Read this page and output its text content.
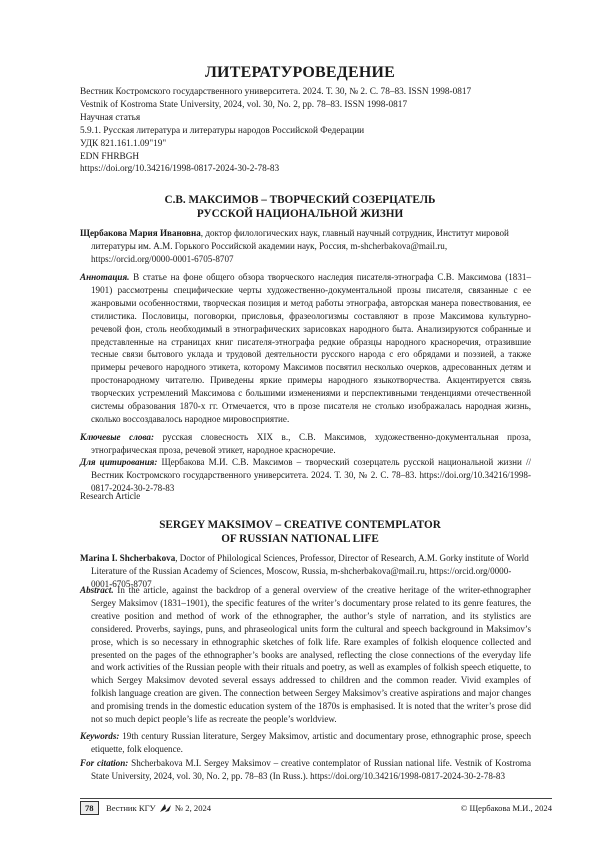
ЛИТЕРАТУРОВЕДЕНИЕ
Вестник Костромского государственного университета. 2024. Т. 30, № 2. С. 78–83. ISSN 1998-0817
Vestnik of Kostroma State University, 2024, vol. 30, No. 2, pp. 78–83. ISSN 1998-0817
Научная статья
5.9.1. Русская литература и литературы народов Российской Федерации
УДК 821.161.1.09"19"
EDN FHRBGH
https://doi.org/10.34216/1998-0817-2024-30-2-78-83
С.В. МАКСИМОВ – ТВОРЧЕСКИЙ СОЗЕРЦАТЕЛЬ
РУССКОЙ НАЦИОНАЛЬНОЙ ЖИЗНИ
Щербакова Мария Ивановна, доктор филологических наук, главный научный сотрудник, Институт мировой литературы им. А.М. Горького Российской академии наук, Россия, m-shcherbakova@mail.ru, https://orcid.org/0000-0001-6705-8707
Аннотация. В статье на фоне общего обзора творческого наследия писателя-этнографа С.В. Максимова (1831–1901) рассмотрены специфические черты художественно-документальной прозы писателя, связанные с ее жанровыми особенностями, творческая позиция и метод работы этнографа, авторская манера повествования, ее стилистика. Пословицы, поговорки, присловья, фразеологизмы составляют в прозе Максимова культурно-речевой фон, столь необходимый в этнографических зарисовках народного быта. Анализируются собранные и представленные на страницах книг писателя-этнографа редкие образцы народного красноречия, отразившие тесные связи бытового уклада и трудовой деятельности русского народа с его обрядами и поэзией, а также примеры речевого народного этикета, которому Максимов посвятил несколько очерков, адресованных детям и простонародному читателю. Приведены яркие примеры народного языкотворчества. Акцентируется связь творческих устремлений Максимова с большими изменениями и перспективными тенденциями отечественной системы образования 1870-х гг. Отмечается, что в прозе писателя не столько изображалась народная жизнь, сколько воссоздавалось народное мировосприятие.
Ключевые слова: русская словесность XIX в., С.В. Максимов, художественно-документальная проза, этнографическая проза, речевой этикет, народное красноречие.
Для цитирования: Щербакова М.И. С.В. Максимов – творческий созерцатель русской национальной жизни // Вестник Костромского государственного университета. 2024. Т. 30, № 2. С. 78–83. https://doi.org/10.34216/1998-0817-2024-30-2-78-83
Research Article
SERGEY MAKSIMOV – CREATIVE CONTEMPLATOR
OF RUSSIAN NATIONAL LIFE
Marina I. Shcherbakova, Doctor of Philological Sciences, Professor, Director of Research, A.M. Gorky institute of World Literature of the Russian Academy of Sciences, Moscow, Russia, m-shcherbakova@mail.ru, https://orcid.org/0000-0001-6705-8707
Abstract. In the article, against the backdrop of a general overview of the creative heritage of the writer-ethnographer Sergey Maksimov (1831–1901), the specific features of the writer’s documentary prose related to its genre features, the creative position and method of work of the ethnographer, the author’s style of narration, and its stylistics are considered. Proverbs, sayings, puns, and phraseological units form the cultural and speech background in Maksimov’s prose, which is so necessary in ethnographic sketches of folk life. Rare examples of folkish eloquence collected and presented on the pages of the ethnographer’s books are analysed, reflecting the close connections of the everyday life and work activities of the Russian people with their rituals and poetry, as well as examples of folkish speech etiquette, to which Sergey Maksimov devoted several essays addressed to children and the common reader. Vivid examples of folkish language creation are given. The connection between Sergey Maksimov’s creative aspirations and major changes and promising trends in the domestic education system of the 1870s is emphasised. It is noted that the writer’s prose did not so much depict people’s life as recreate the people’s worldview.
Keywords: 19th century Russian literature, Sergey Maksimov, artistic and documentary prose, ethnographic prose, speech etiquette, folk eloquence.
For citation: Shcherbakova M.I. Sergey Maksimov – creative contemplator of Russian national life. Vestnik of Kostroma State University, 2024, vol. 30, No. 2, pp. 78–83 (In Russ.). https://doi.org/10.34216/1998-0817-2024-30-2-78-83
78	Вестник КГУ № 2, 2024	© Щербакова М.И., 2024
